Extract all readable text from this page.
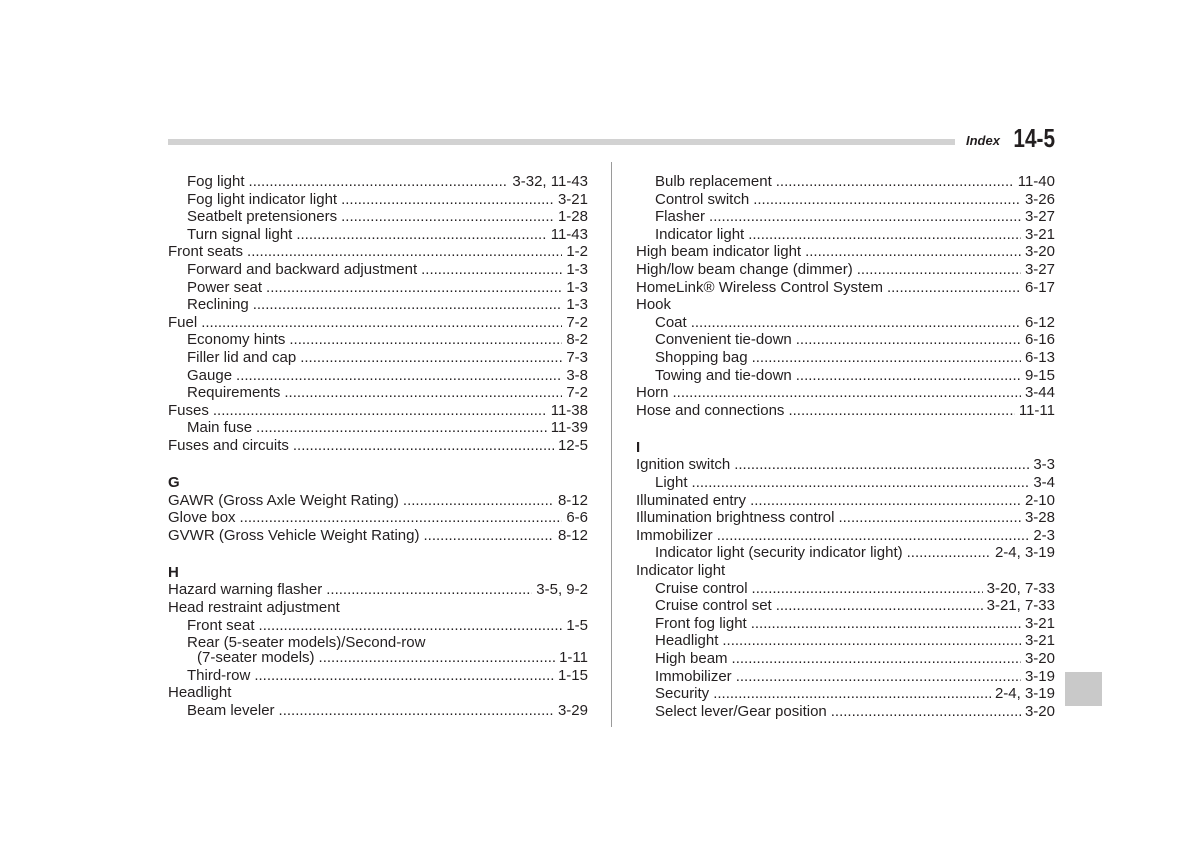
Index 14-5
Fog light .....	3-32, 11-43
Fog light indicator light .....	3-21
Seatbelt pretensioners .....	1-28
Turn signal light .....	11-43
Front seats .....	1-2
Forward and backward adjustment .....	1-3
Power seat .....	1-3
Reclining .....	1-3
Fuel .....	7-2
Economy hints .....	8-2
Filler lid and cap .....	7-3
Gauge .....	3-8
Requirements .....	7-2
Fuses .....	11-38
Main fuse .....	11-39
Fuses and circuits .....	12-5
G
GAWR (Gross Axle Weight Rating) .....	8-12
Glove box .....	6-6
GVWR (Gross Vehicle Weight Rating) .....	8-12
H
Hazard warning flasher .....	3-5, 9-2
Head restraint adjustment
Front seat .....	1-5
Rear (5-seater models)/Second-row
(7-seater models) .....	1-11
Third-row .....	1-15
Headlight
Beam leveler .....	3-29
Bulb replacement .....	11-40
Control switch .....	3-26
Flasher .....	3-27
Indicator light .....	3-21
High beam indicator light .....	3-20
High/low beam change (dimmer) .....	3-27
HomeLink® Wireless Control System .....	6-17
Hook
Coat .....	6-12
Convenient tie-down .....	6-16
Shopping bag .....	6-13
Towing and tie-down .....	9-15
Horn .....	3-44
Hose and connections .....	11-11
I
Ignition switch .....	3-3
Light .....	3-4
Illuminated entry .....	2-10
Illumination brightness control .....	3-28
Immobilizer .....	2-3
Indicator light (security indicator light) .....	2-4, 3-19
Indicator light
Cruise control .....	3-20, 7-33
Cruise control set .....	3-21, 7-33
Front fog light .....	3-21
Headlight .....	3-21
High beam .....	3-20
Immobilizer .....	3-19
Security .....	2-4, 3-19
Select lever/Gear position .....	3-20
